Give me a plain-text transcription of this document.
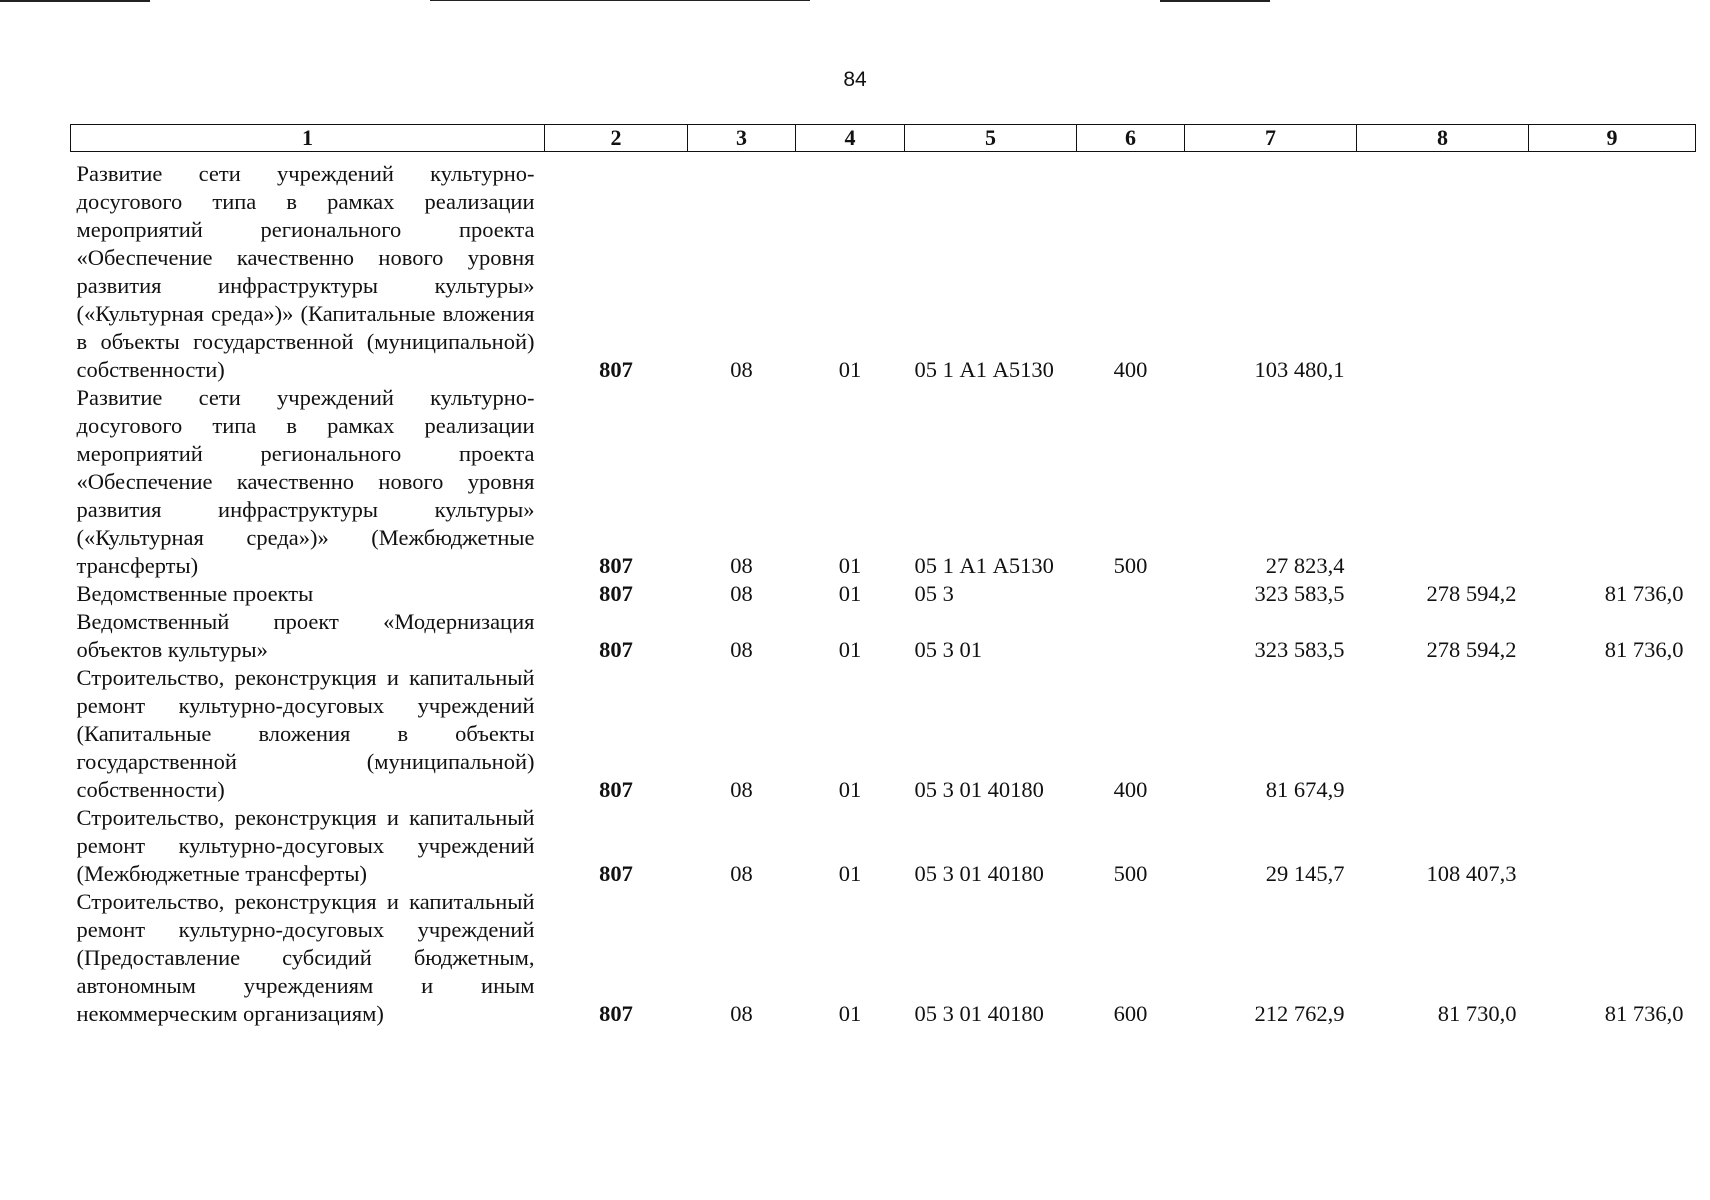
84
1	2	3	4	5	6	7	8	9
Развитие сети учреждений культурно-досугового типа в рамках реализации мероприятий регионального проекта «Обеспечение качественно нового уровня развития инфраструктуры культуры» («Культурная среда»)» (Капитальные вложения в объекты государственной (муниципальной) собственности)	807	08	01	05 1 А1 А5130	400	103 480,1		
Развитие сети учреждений культурно-досугового типа в рамках реализации мероприятий регионального проекта «Обеспечение качественно нового уровня развития инфраструктуры культуры» («Культурная среда»)» (Межбюджетные трансферты)	807	08	01	05 1 А1 А5130	500	27 823,4		
Ведомственные проекты	807	08	01	05 3		323 583,5	278 594,2	81 736,0
Ведомственный проект «Модернизация объектов культуры»	807	08	01	05 3 01		323 583,5	278 594,2	81 736,0
Строительство, реконструкция и капитальный ремонт культурно-досуговых учреждений (Капитальные вложения в объекты государственной (муниципальной) собственности)	807	08	01	05 3 01 40180	400	81 674,9		
Строительство, реконструкция и капитальный ремонт культурно-досуговых учреждений (Межбюджетные трансферты)	807	08	01	05 3 01 40180	500	29 145,7	108 407,3	
Строительство, реконструкция и капитальный ремонт культурно-досуговых учреждений (Предоставление субсидий бюджетным, автономным учреждениям и иным некоммерческим организациям)	807	08	01	05 3 01 40180	600	212 762,9	81 730,0	81 736,0
